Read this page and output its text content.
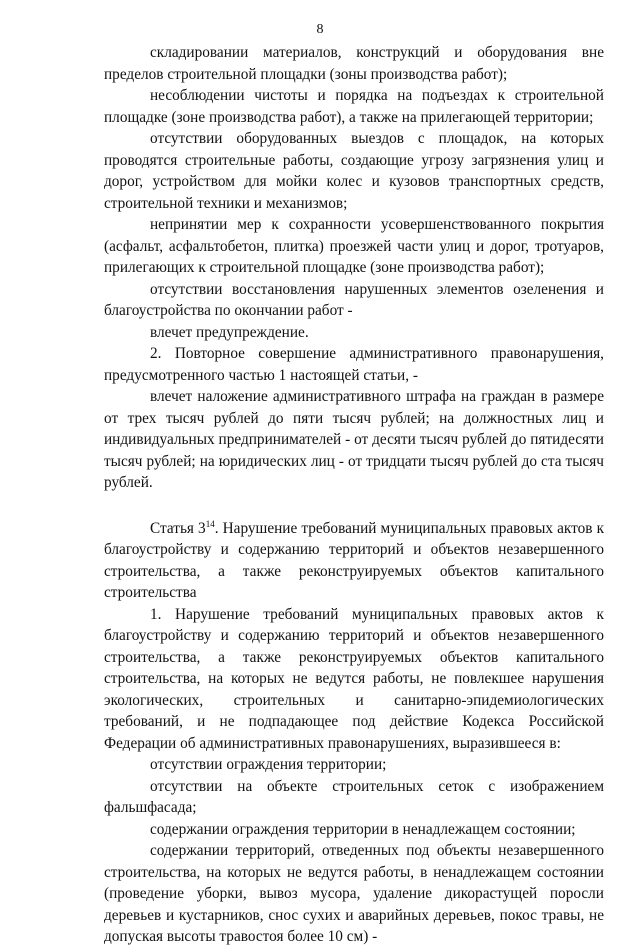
8

складировании материалов, конструкций и оборудования вне пределов строительной площадки (зоны производства работ);

несоблюдении чистоты и порядка на подъездах к строительной площадке (зоне производства работ), а также на прилегающей территории;

отсутствии оборудованных выездов с площадок, на которых проводятся строительные работы, создающие угрозу загрязнения улиц и дорог, устройством для мойки колес и кузовов транспортных средств, строительной техники и механизмов;

непринятии мер к сохранности усовершенствованного покрытия (асфальт, асфальтобетон, плитка) проезжей части улиц и дорог, тротуаров, прилегающих к строительной площадке (зоне производства работ);

отсутствии восстановления нарушенных элементов озеленения и благоустройства по окончании работ -

влечет предупреждение.

2. Повторное совершение административного правонарушения, предусмотренного частью 1 настоящей статьи, -

влечет наложение административного штрафа на граждан в размере от трех тысяч рублей до пяти тысяч рублей; на должностных лиц и индивидуальных предпринимателей - от десяти тысяч рублей до пятидесяти тысяч рублей; на юридических лиц - от тридцати тысяч рублей до ста тысяч рублей.

Статья $3^{14}$. Нарушение требований муниципальных правовых актов к благоустройству и содержанию территорий и объектов незавершенного строительства, а также реконструируемых объектов капитального строительства

1. Нарушение требований муниципальных правовых актов к благоустройству и содержанию территорий и объектов незавершенного строительства, а также реконструируемых объектов капитального строительства, на которых не ведутся работы, не повлекшее нарушения экологических, строительных и санитарно-эпидемиологических требований, и не подпадающее под действие Кодекса Российской Федерации об административных правонарушениях, выразившееся в:

отсутствии ограждения территории;

отсутствии на объекте строительных сеток с изображением фальшфасада;

содержании ограждения территории в ненадлежащем состоянии;

содержании территорий, отведенных под объекты незавершенного строительства, на которых не ведутся работы, в ненадлежащем состоянии (проведение уборки, вывоз мусора, удаление дикорастущей поросли деревьев и кустарников, снос сухих и аварийных деревьев, покос травы, не допуская высоты травостоя более 10 см) -
